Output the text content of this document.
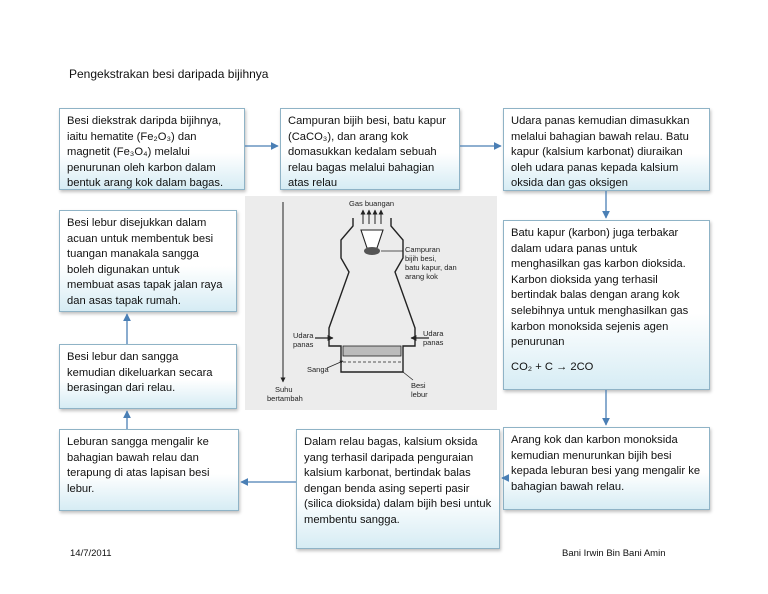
Pengekstrakan besi daripada bijihnya

Besi diekstrak daripda bijihnya, iaitu hematite (Fe₂O₃) dan magnetit (Fe₃O₄) melalui penurunan oleh karbon dalam bentuk arang kok dalam bagas.

Campuran bijih besi, batu kapur (CaCO₃), dan arang kok domasukkan kedalam sebuah relau bagas melalui bahagian atas relau

Udara panas kemudian dimasukkan melalui bahagian bawah relau. Batu kapur (kalsium karbonat) diuraikan oleh udara panas kepada kalsium oksida dan gas oksigen

Batu kapur (karbon) juga terbakar dalam udara panas untuk menghasilkan gas karbon dioksida. Karbon dioksida yang terhasil bertindak balas dengan arang kok selebihnya untuk menghasilkan gas karbon monoksida sejenis agen penurunan

CO₂ + C → 2CO

Arang kok dan karbon monoksida kemudian menurunkan bijih besi kepada leburan besi yang mengalir ke bahagian bawah relau.

Dalam relau bagas, kalsium oksida yang terhasil daripada penguraian kalsium karbonat, bertindak balas dengan benda asing seperti pasir (silica dioksida) dalam bijih besi untuk membentu sangga.

Leburan sangga mengalir ke bahagian bawah relau dan terapung di atas lapisan besi lebur.

Besi lebur dan sangga kemudian dikeluarkan secara berasingan dari relau.

Besi lebur disejukkan dalam acuan untuk membentuk besi tuangan manakala sangga boleh digunakan untuk membuat asas tapak jalan raya dan asas tapak rumah.

Gas buangan
Udara
panas
Udara
panas
Campuran
bijih besi,
batu kapur, dan
arang kok
Sanga
Besi
lebur
Suhu
bertambah
14/7/2011	Bani Irwin Bin Bani Amin
